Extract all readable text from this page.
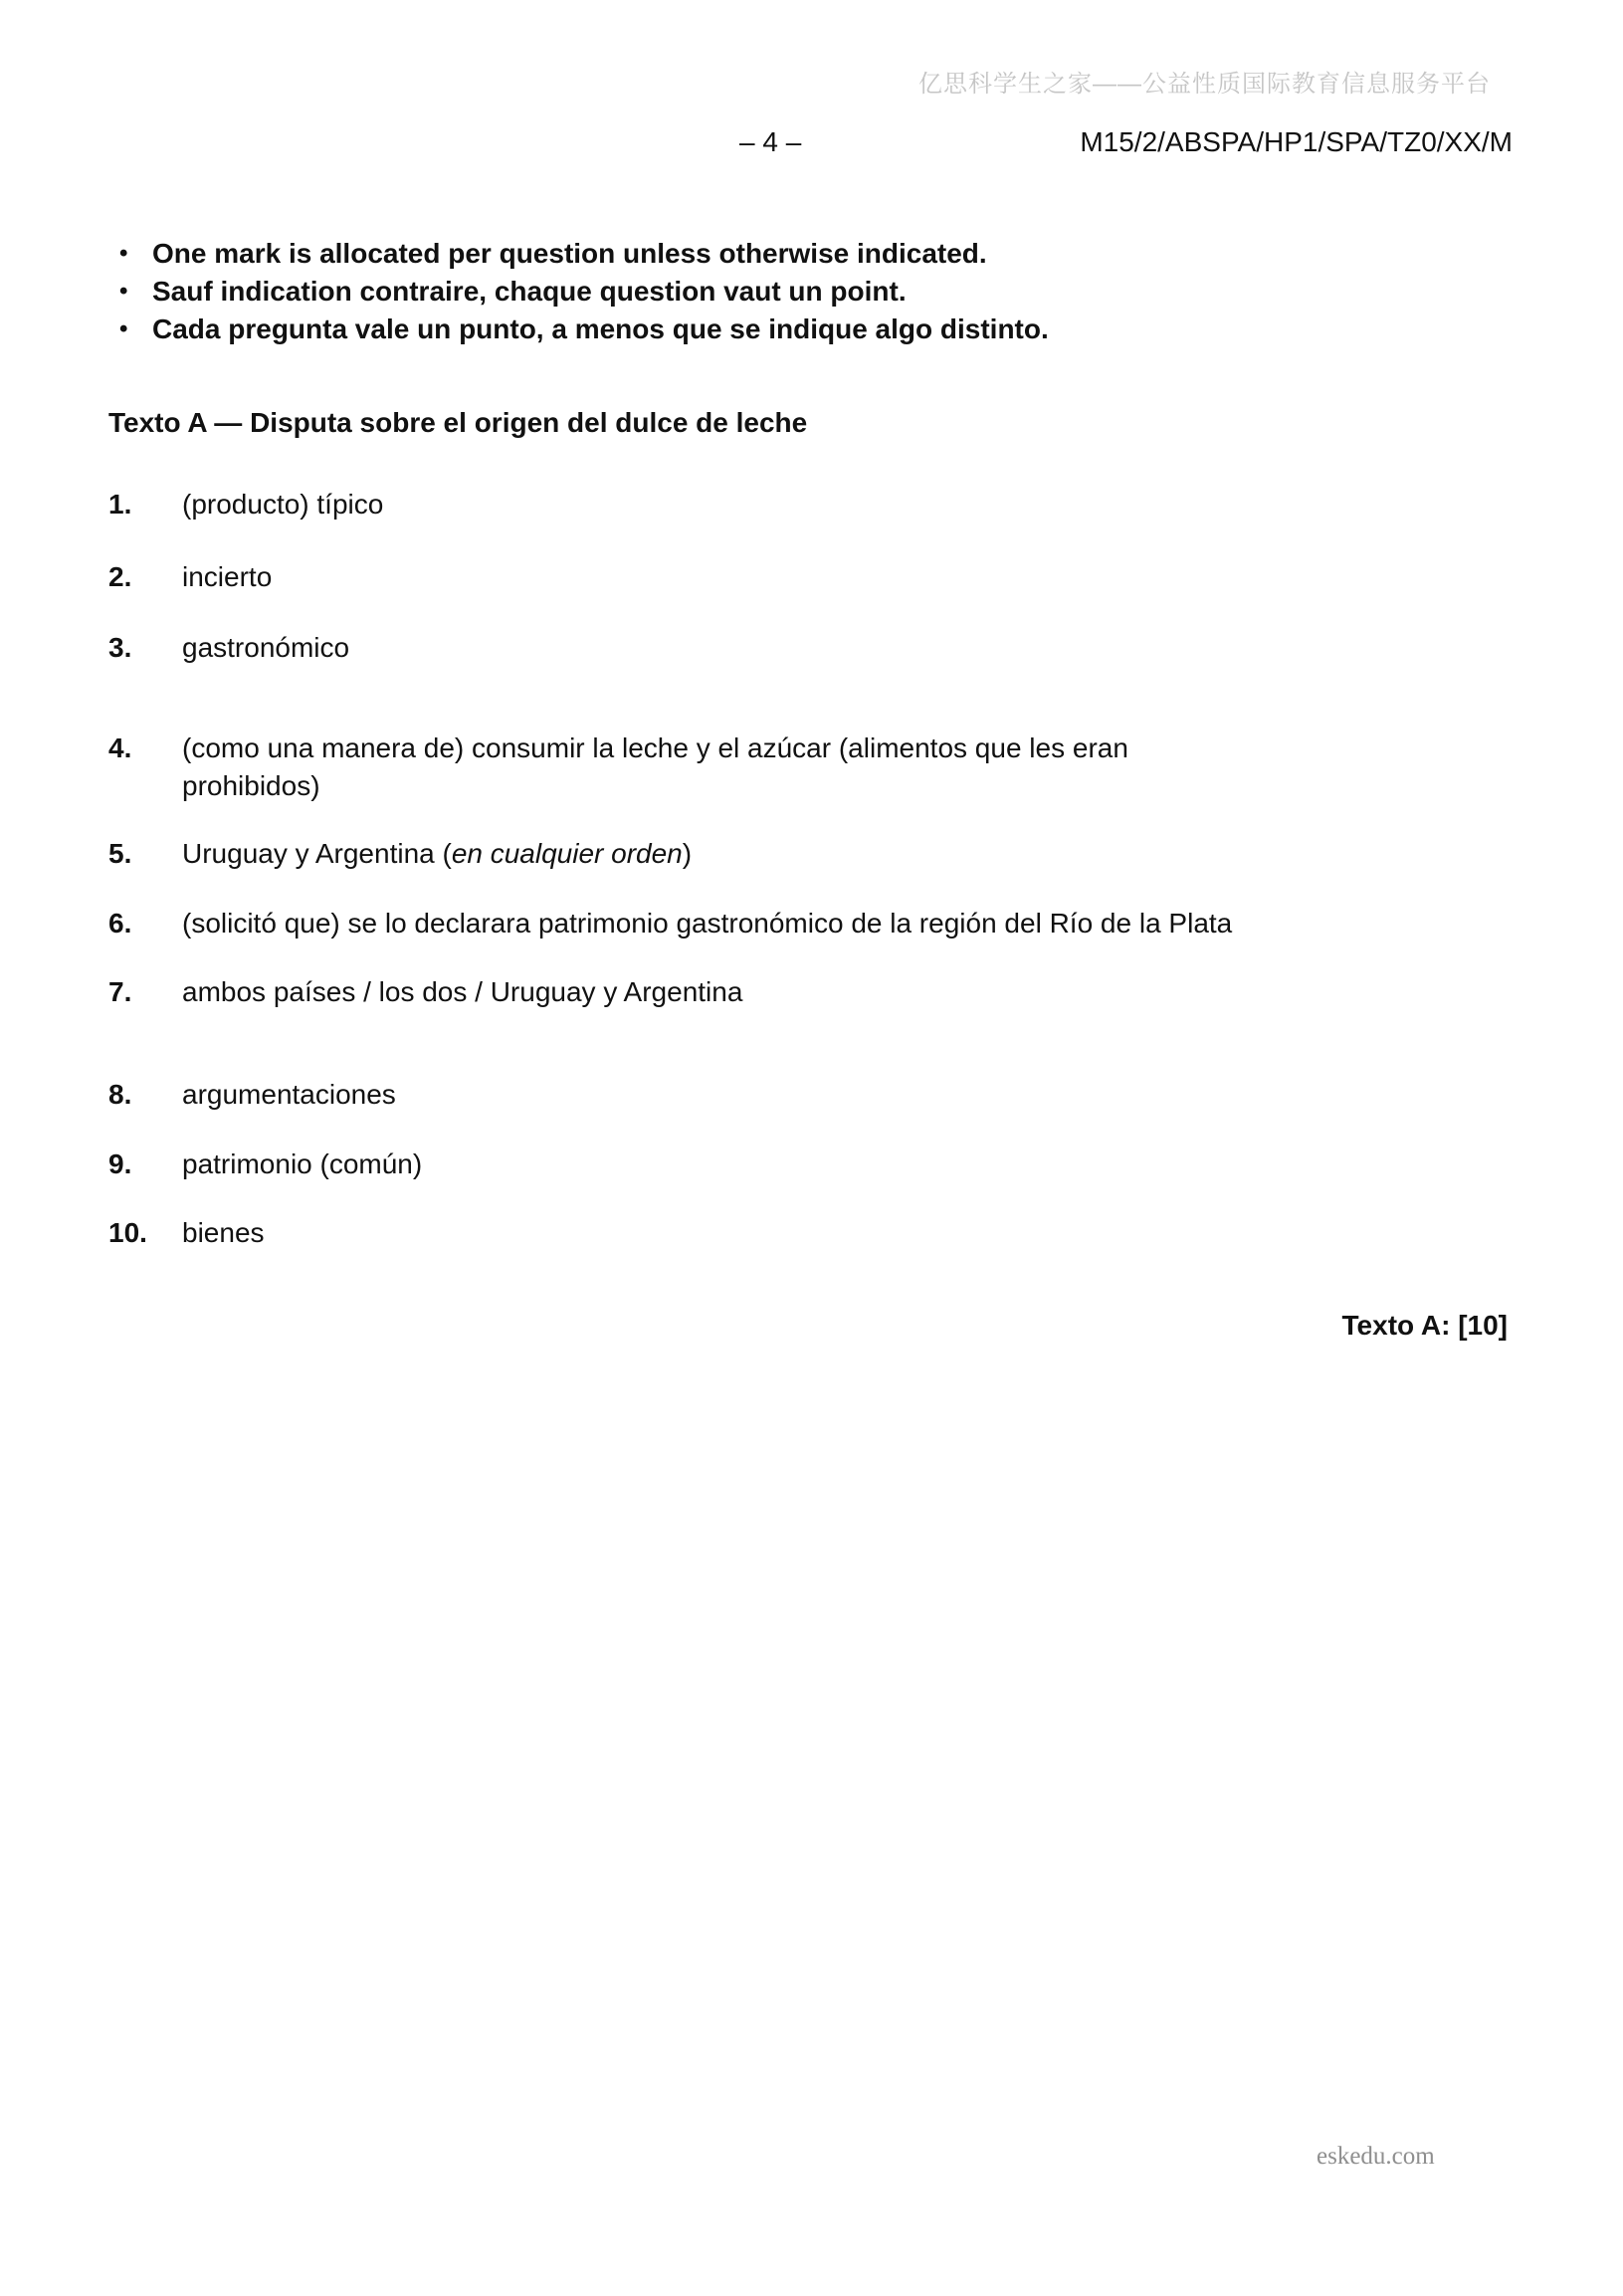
亿思科学生之家——公益性质国际教育信息服务平台
– 4 –	M15/2/ABSPA/HP1/SPA/TZ0/XX/M
• One mark is allocated per question unless otherwise indicated.
• Sauf indication contraire, chaque question vaut un point.
• Cada pregunta vale un punto, a menos que se indique algo distinto.
Texto A — Disputa sobre el origen del dulce de leche
1.	(producto) típico
2.	incierto
3.	gastronómico
4.	(como una manera de) consumir la leche y el azúcar (alimentos que les eran
prohibidos)
5.	Uruguay y Argentina (en cualquier orden)
6.	(solicitó que) se lo declarara patrimonio gastronómico de la región del Río de la Plata
7.	ambos países / los dos / Uruguay y Argentina
8.	argumentaciones
9.	patrimonio (común)
10.	bienes
Texto A: [10]
eskedu.com
